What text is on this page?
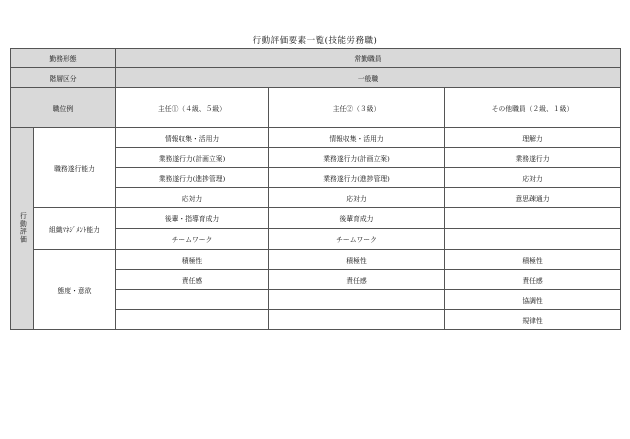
行動評価要素一覧(技能労務職)
勤務形態		常勤職員		
階層区分		一般職		
職位例		主任①（４級、５級）	主任②（３級）	その他職員（２級、１級）
行動評価	職務遂行能力	情報収集・活用力	情報収集・活用力	理解力
		業務遂行力(計画立案)	業務遂行力(計画立案)	業務遂行力
		業務遂行力(進捗管理)	業務遂行力(進捗管理)	応対力
		応対力	応対力	意思疎通力
	組織ﾏﾈｼﾞﾒﾝﾄ能力	後輩・指導育成力	後輩育成力	
		チームワーク	チームワーク	
	態度・意欲	積極性	積極性	積極性
		責任感	責任感	責任感
				協調性
				規律性
